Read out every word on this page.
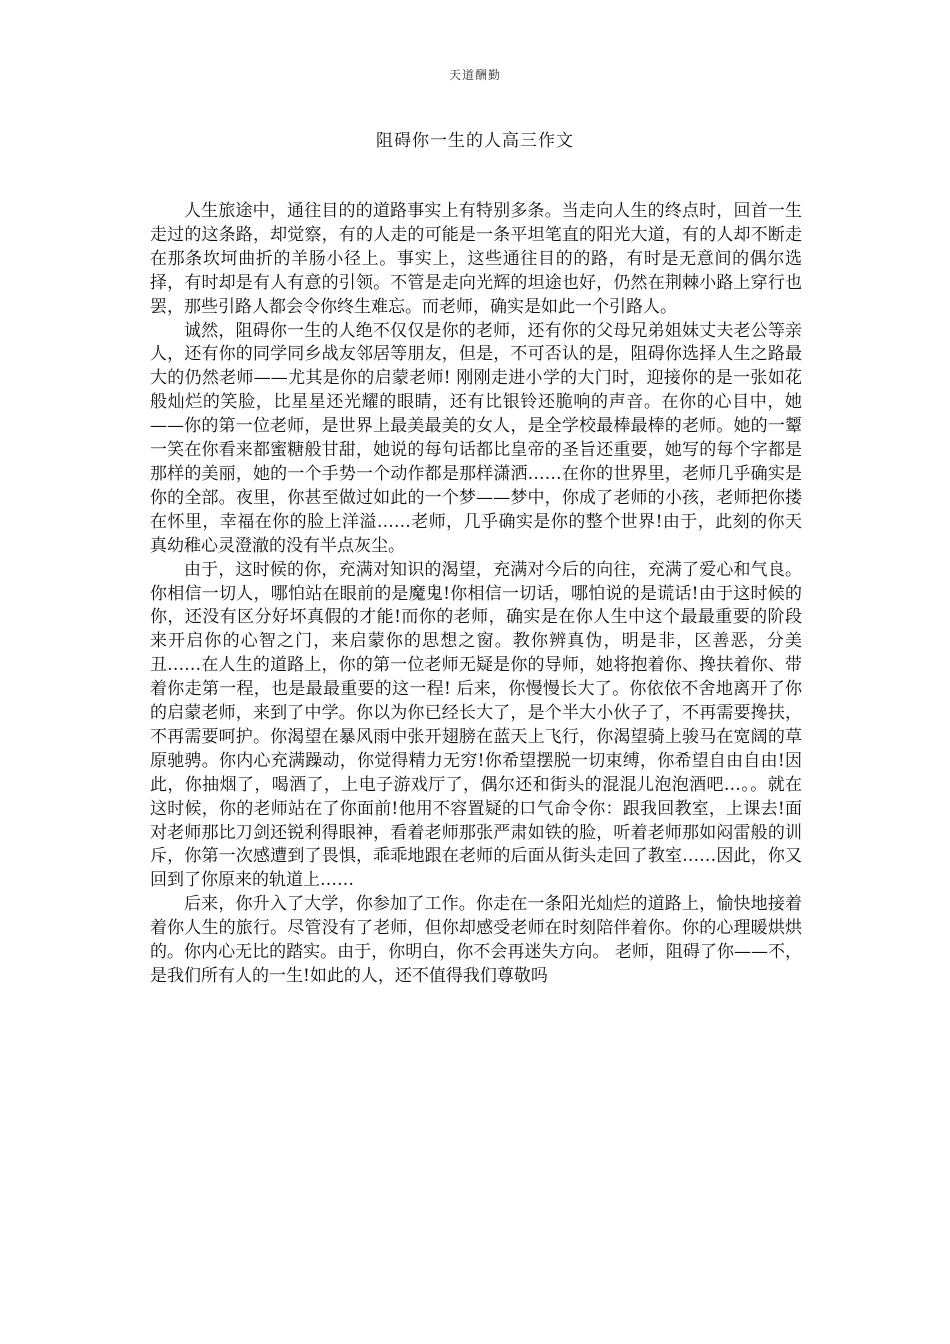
天道酬勤
阻碍你一生的人高三作文

人生旅途中，通往目的的道路事实上有特别多条。当走向人生的终点时，回首一生走过的这条路，却觉察，有的人走的可能是一条平坦笔直的阳光大道，有的人却不断走在那条坎坷曲折的羊肠小径上。事实上，这些通往目的的路，有时是无意间的偶尔选择，有时却是有人有意的引领。不管是走向光辉的坦途也好，仍然在荆棘小路上穿行也罢，那些引路人都会令你终生难忘。而老师，确实是如此一个引路人。

诚然，阻碍你一生的人绝不仅仅是你的老师，还有你的父母兄弟姐妹丈夫老公等亲人，还有你的同学同乡战友邻居等朋友，但是，不可否认的是，阻碍你选择人生之路最大的仍然老师——尤其是你的启蒙老师! 刚刚走进小学的大门时，迎接你的是一张如花般灿烂的笑脸，比星星还光耀的眼睛，还有比银铃还脆响的声音。在你的心目中，她——你的第一位老师，是世界上最美最美的女人，是全学校最棒最棒的老师。她的一颦一笑在你看来都蜜糖般甘甜，她说的每句话都比皇帝的圣旨还重要，她写的每个字都是那样的美丽，她的一个手势一个动作都是那样潇洒……在你的世界里，老师几乎确实是你的全部。夜里，你甚至做过如此的一个梦——梦中，你成了老师的小孩，老师把你搂在怀里，幸福在你的脸上洋溢……老师，几乎确实是你的整个世界!由于，此刻的你天真幼稚心灵澄澈的没有半点灰尘。

由于，这时候的你，充满对知识的渴望，充满对今后的向往，充满了爱心和气良。你相信一切人，哪怕站在眼前的是魔鬼!你相信一切话，哪怕说的是谎话!由于这时候的你，还没有区分好坏真假的才能!而你的老师，确实是在你人生中这个最最重要的阶段来开启你的心智之门，来启蒙你的思想之窗。教你辨真伪，明是非，区善恶，分美丑……在人生的道路上，你的第一位老师无疑是你的导师，她将抱着你、搀扶着你、带着你走第一程，也是最最重要的这一程! 后来，你慢慢长大了。你依依不舍地离开了你的启蒙老师，来到了中学。你以为你已经长大了，是个半大小伙子了，不再需要搀扶，不再需要呵护。你渴望在暴风雨中张开翅膀在蓝天上飞行，你渴望骑上骏马在宽阔的草原驰骋。你内心充满躁动，你觉得精力无穷!你希望摆脱一切束缚，你希望自由自由!因此，你抽烟了，喝酒了，上电子游戏厅了，偶尔还和街头的混混儿泡泡酒吧…。。就在这时候，你的老师站在了你面前!他用不容置疑的口气命令你：跟我回教室，上课去!面对老师那比刀剑还锐利得眼神，看着老师那张严肃如铁的脸，听着老师那如闷雷般的训斥，你第一次感遭到了畏惧，乖乖地跟在老师的后面从街头走回了教室……因此，你又回到了你原来的轨道上……

后来，你升入了大学，你参加了工作。你走在一条阳光灿烂的道路上，愉快地接着着你人生的旅行。尽管没有了老师，但你却感受老师在时刻陪伴着你。你的心理暖烘烘的。你内心无比的踏实。由于，你明白，你不会再迷失方向。 老师，阻碍了你——不，是我们所有人的一生!如此的人，还不值得我们尊敬吗
